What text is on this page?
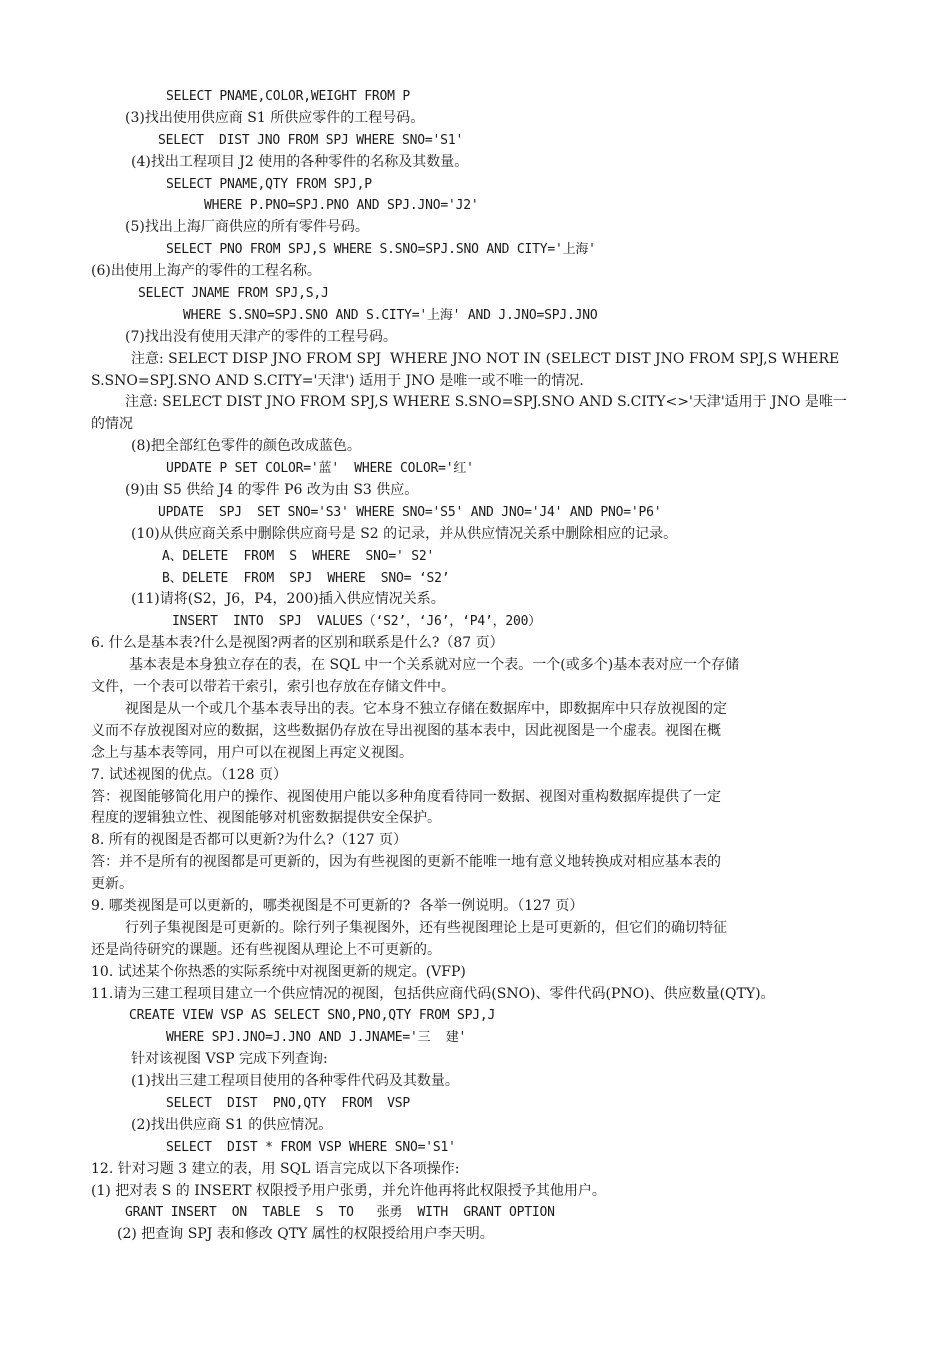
SELECT PNAME,COLOR,WEIGHT FROM P
(3)找出使用供应商 S1 所供应零件的工程号码。
SELECT  DIST JNO FROM SPJ WHERE SNO='S1'
(4)找出工程项目 J2 使用的各种零件的名称及其数量。
SELECT PNAME,QTY FROM SPJ,P
WHERE P.PNO=SPJ.PNO AND SPJ.JNO='J2'
(5)找出上海厂商供应的所有零件号码。
SELECT PNO FROM SPJ,S WHERE S.SNO=SPJ.SNO AND CITY='上海'
(6)出使用上海产的零件的工程名称。
SELECT JNAME FROM SPJ,S,J
WHERE S.SNO=SPJ.SNO AND S.CITY='上海' AND J.JNO=SPJ.JNO
(7)找出没有使用天津产的零件的工程号码。
注意: SELECT DISP JNO FROM SPJ  WHERE JNO NOT IN (SELECT DIST JNO FROM SPJ,S WHERE
S.SNO=SPJ.SNO AND S.CITY='天津') 适用于 JNO 是唯一或不唯一的情况.
注意: SELECT DIST JNO FROM SPJ,S WHERE S.SNO=SPJ.SNO AND S.CITY<>'天津'适用于 JNO 是唯一
的情况
(8)把全部红色零件的颜色改成蓝色。
UPDATE P SET COLOR='蓝'  WHERE COLOR='红'
(9)由 S5 供给 J4 的零件 P6 改为由 S3 供应。
UPDATE  SPJ  SET SNO='S3' WHERE SNO='S5' AND JNO='J4' AND PNO='P6'
(10)从供应商关系中删除供应商号是 S2 的记录，并从供应情况关系中删除相应的记录。
A、DELETE  FROM  S  WHERE  SNO=' S2'
B、DELETE  FROM  SPJ  WHERE  SNO= ‘S2’
(11)请将(S2，J6，P4，200)插入供应情况关系。
INSERT  INTO  SPJ  VALUES（‘S2’，‘J6’，‘P4’，200）
6. 什么是基本表?什么是视图?两者的区别和联系是什么?（87 页）
基本表是本身独立存在的表，在 SQL 中一个关系就对应一个表。一个(或多个)基本表对应一个存储
文件，一个表可以带若干索引，索引也存放在存储文件中。
视图是从一个或几个基本表导出的表。它本身不独立存储在数据库中，即数据库中只存放视图的定
义而不存放视图对应的数据，这些数据仍存放在导出视图的基本表中，因此视图是一个虚表。视图在概
念上与基本表等同，用户可以在视图上再定义视图。
7. 试述视图的优点。（128 页）
答：视图能够简化用户的操作、视图使用户能以多种角度看待同一数据、视图对重构数据库提供了一定
程度的逻辑独立性、视图能够对机密数据提供安全保护。
8. 所有的视图是否都可以更新?为什么?（127 页）
答：并不是所有的视图都是可更新的，因为有些视图的更新不能唯一地有意义地转换成对相应基本表的
更新。
9. 哪类视图是可以更新的，哪类视图是不可更新的?  各举一例说明。（127 页）
行列子集视图是可更新的。除行列子集视图外，还有些视图理论上是可更新的，但它们的确切特征
还是尚待研究的课题。还有些视图从理论上不可更新的。
10. 试述某个你热悉的实际系统中对视图更新的规定。(VFP)
11.请为三建工程项目建立一个供应情况的视图，包括供应商代码(SNO)、零件代码(PNO)、供应数量(QTY)。
CREATE VIEW VSP AS SELECT SNO,PNO,QTY FROM SPJ,J
WHERE SPJ.JNO=J.JNO AND J.JNAME='三  建'
针对该视图 VSP 完成下列查询:
(1)找出三建工程项目使用的各种零件代码及其数量。
SELECT  DIST  PNO,QTY  FROM  VSP
(2)找出供应商 S1 的供应情况。
SELECT  DIST * FROM VSP WHERE SNO='S1'
12. 针对习题 3 建立的表，用 SQL 语言完成以下各项操作:
(1) 把对表 S 的 INSERT 权限授予用户张勇，并允许他再将此权限授予其他用户。
GRANT INSERT  ON  TABLE  S  TO   张勇  WITH  GRANT OPTION
(2) 把查询 SPJ 表和修改 QTY 属性的权限授给用户李天明。
